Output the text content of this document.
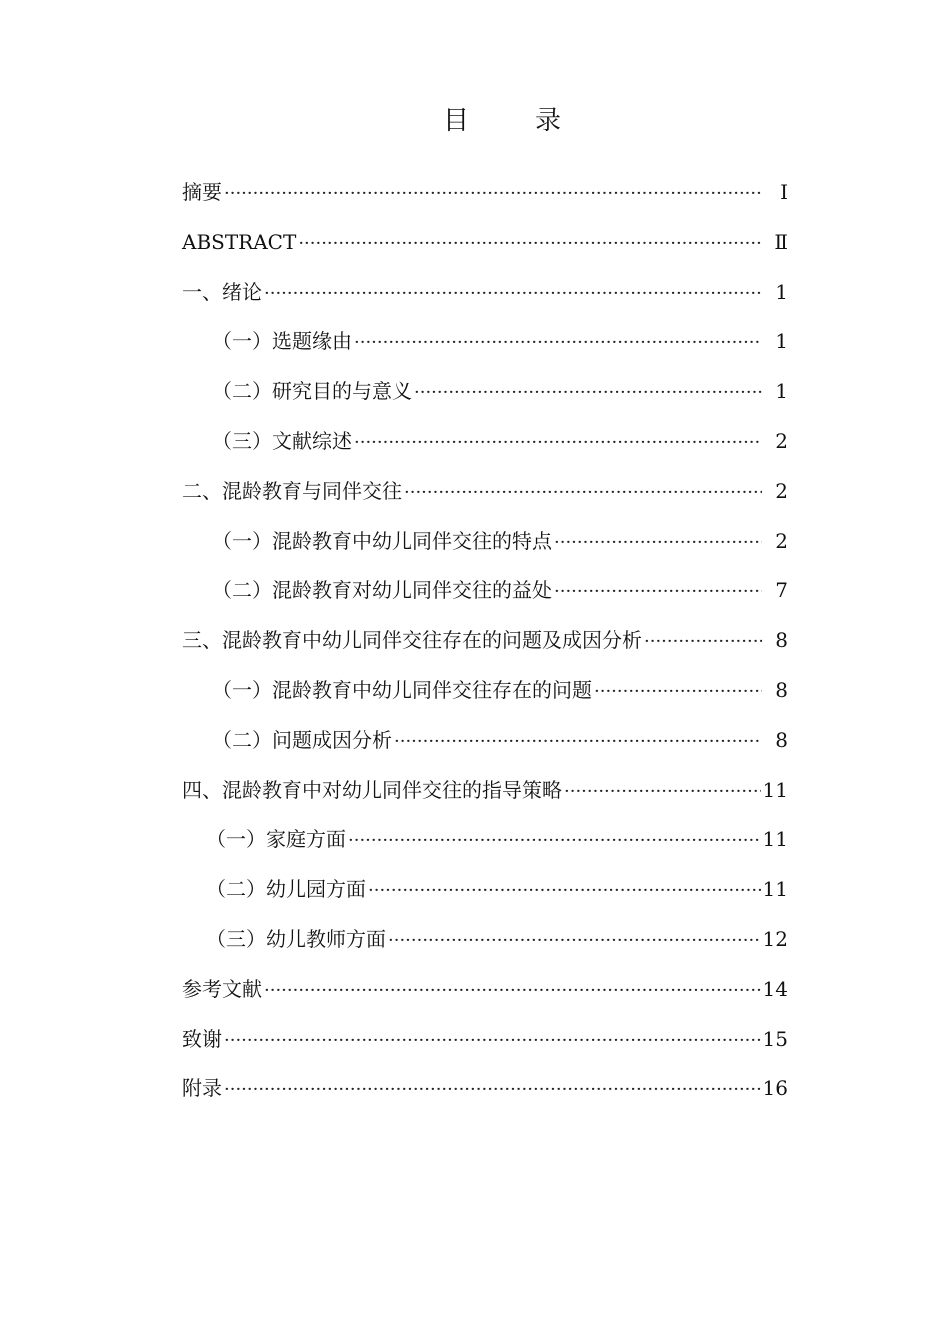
目　录
摘要 ·····	Ⅰ
ABSTRACT ·····	Ⅱ
一、绪论 ·····	1
（一）选题缘由 ·····	1
（二）研究目的与意义 ·····	1
（三）文献综述 ·····	2
二、混龄教育与同伴交往 ·····	2
（一）混龄教育中幼儿同伴交往的特点 ·····	2
（二）混龄教育对幼儿同伴交往的益处 ·····	7
三、混龄教育中幼儿同伴交往存在的问题及成因分析 ·····	8
（一）混龄教育中幼儿同伴交往存在的问题 ·····	8
（二）问题成因分析 ·····	8
四、混龄教育中对幼儿同伴交往的指导策略 ·····	11
（一）家庭方面 ·····	11
（二）幼儿园方面 ·····	11
（三）幼儿教师方面 ·····	12
参考文献 ·····	14
致谢 ·····	15
附录 ·····	16
